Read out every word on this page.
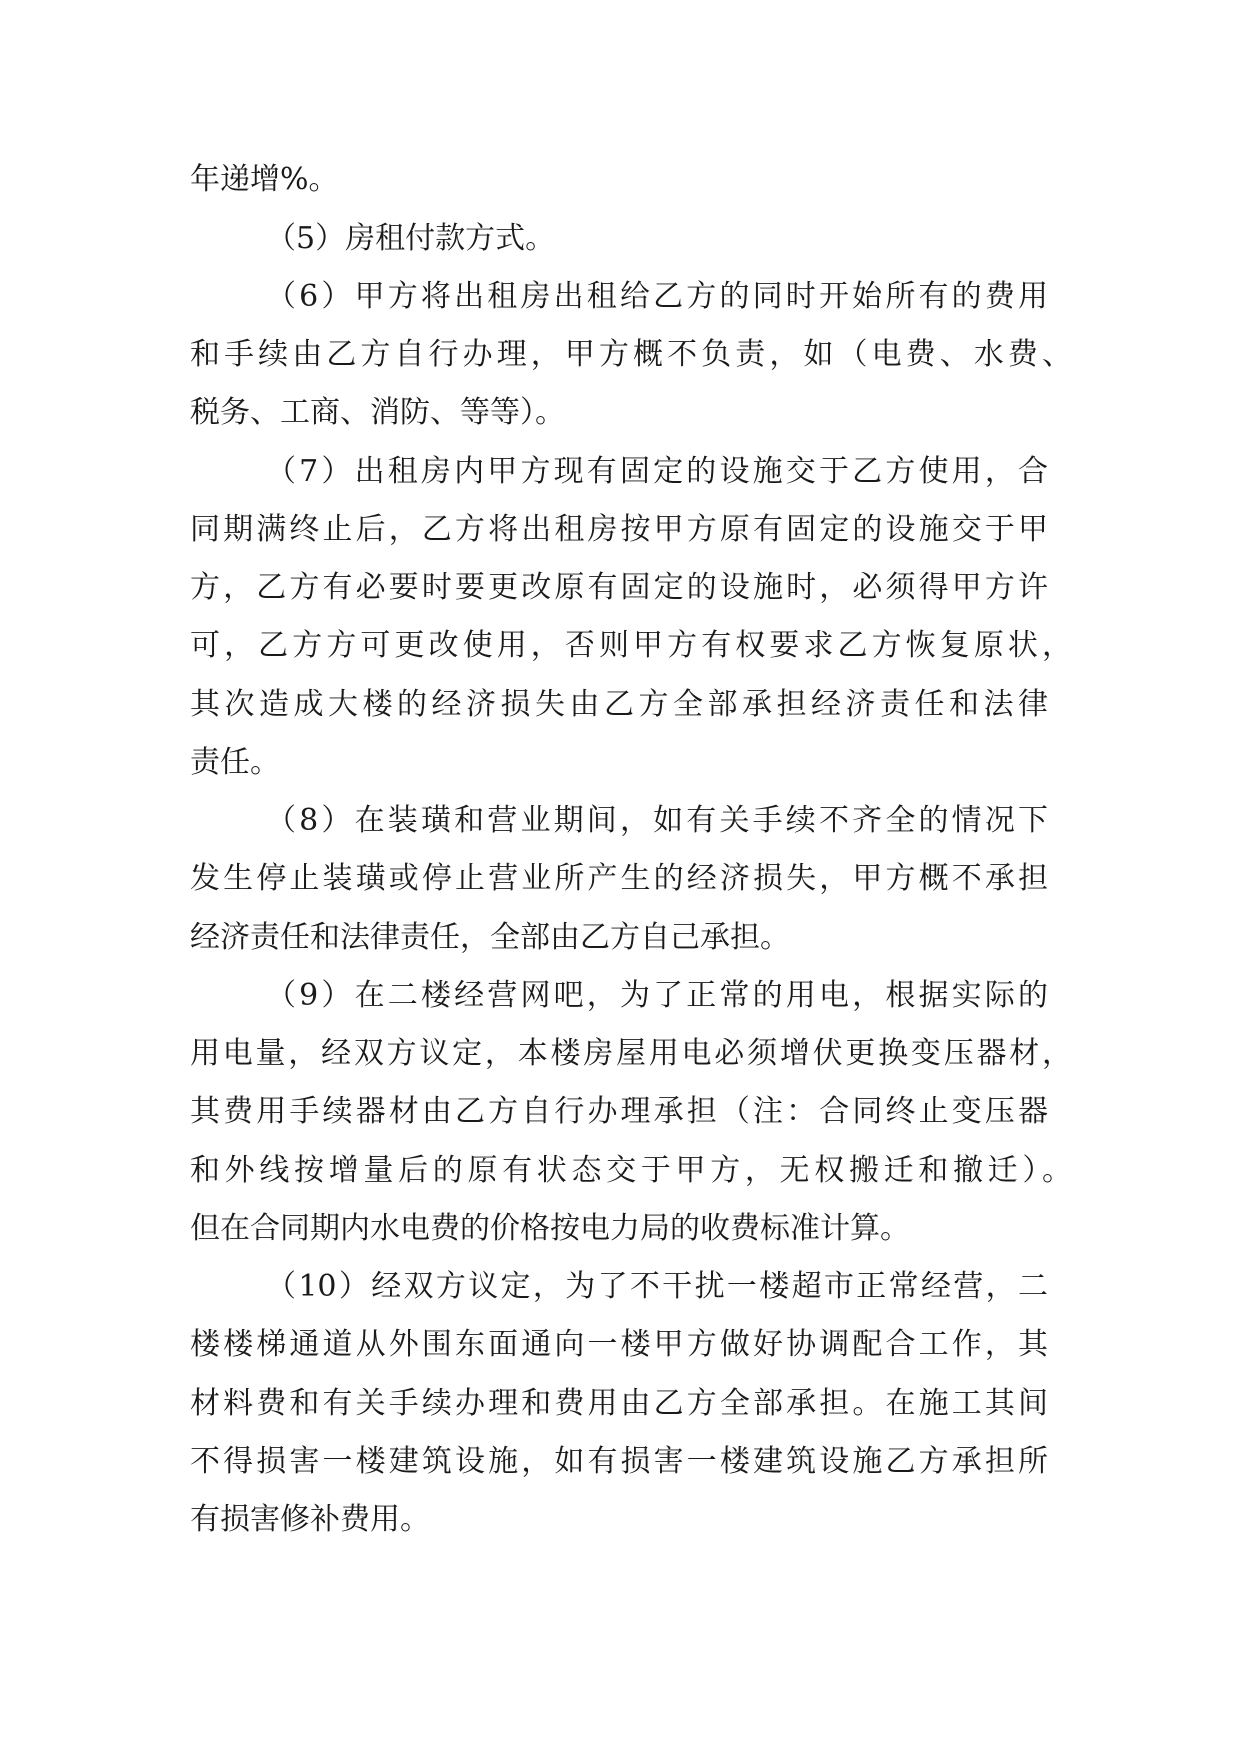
年递增%。
（5）房租付款方式。
（6）甲方将出租房出租给乙方的同时开始所有的费用
和手续由乙方自行办理，甲方概不负责，如（电费、水费、
税务、工商、消防、等等）。
（7）出租房内甲方现有固定的设施交于乙方使用，合
同期满终止后，乙方将出租房按甲方原有固定的设施交于甲
方，乙方有必要时要更改原有固定的设施时，必须得甲方许
可，乙方方可更改使用，否则甲方有权要求乙方恢复原状，
其次造成大楼的经济损失由乙方全部承担经济责任和法律
责任。
（8）在装璜和营业期间，如有关手续不齐全的情况下
发生停止装璜或停止营业所产生的经济损失，甲方概不承担
经济责任和法律责任，全部由乙方自己承担。
（9）在二楼经营网吧，为了正常的用电，根据实际的
用电量，经双方议定，本楼房屋用电必须增伏更换变压器材，
其费用手续器材由乙方自行办理承担（注：合同终止变压器
和外线按增量后的原有状态交于甲方，无权搬迁和撤迁）。
但在合同期内水电费的价格按电力局的收费标准计算。
（10）经双方议定，为了不干扰一楼超市正常经营，二
楼楼梯通道从外围东面通向一楼甲方做好协调配合工作，其
材料费和有关手续办理和费用由乙方全部承担。在施工其间
不得损害一楼建筑设施，如有损害一楼建筑设施乙方承担所
有损害修补费用。
